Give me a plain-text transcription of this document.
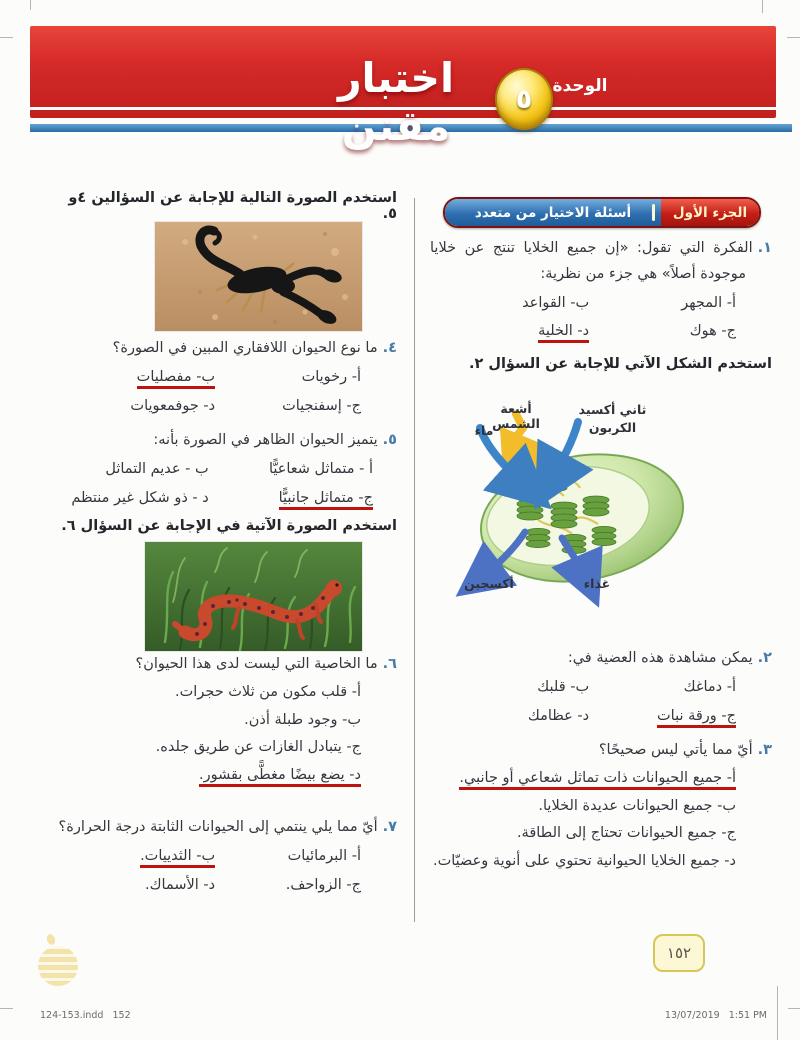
الوحدة
٥
اختبار مقنن
أسئلة الاختيار من متعدد	الجزء الأول
١.الفكرة التي تقول: «إن جميع الخلايا تنتج عن خلايا موجودة أصلاً» هي جزء من نظرية:
أ- المجهر
ب- القواعد
ج- هوك
د- الخلية
استخدم الشكل الآتي للإجابة عن السؤال ٢.
ثاني أكسيد
الكربون
أشعة الشمس
ماء
أكسجين	غذاء
٢.يمكن مشاهدة هذه العضية في:
أ- دماغك
ب- قلبك
ج- ورقة نبات
د- عظامك
٣.أيّ مما يأتي ليس صحيحًا؟
أ- جميع الحيوانات ذات تماثل شعاعي أو جانبي.
ب- جميع الحيوانات عديدة الخلايا.
ج- جميع الحيوانات تحتاج إلى الطاقة.
د- جميع الخلايا الحيوانية تحتوي على أنوية وعضيّات.
استخدم الصورة التالية للإجابة عن السؤالين ٤و ٥.
٤.ما نوع الحيوان اللافقاري المبين في الصورة؟
أ- رخويات
ب- مفصليات
ج- إسفنجيات
د- جوفمعويات
٥.يتميز الحيوان الظاهر في الصورة بأنه:
أ - متماثل شعاعيًّا
ب - عديم التماثل
ج- متماثل جانبيًّا
د - ذو شكل غير منتظم
استخدم الصورة الآتية في الإجابة عن السؤال ٦.
٦.ما الخاصية التي ليست لدى هذا الحيوان؟
أ- قلب مكون من ثلاث حجرات.
ب- وجود طبلة أذن.
ج- يتبادل الغازات عن طريق جلده.
د- يضع بيضًا مغطًّى بقشور.
٧.أيّ مما يلي ينتمي إلى الحيوانات الثابتة درجة الحرارة؟
أ- البرمائيات
ب- الثدييات.
ج- الزواحف.
د- الأسماك.
١٥٢
124-153.indd   152	13/07/2019   1:51 PM
